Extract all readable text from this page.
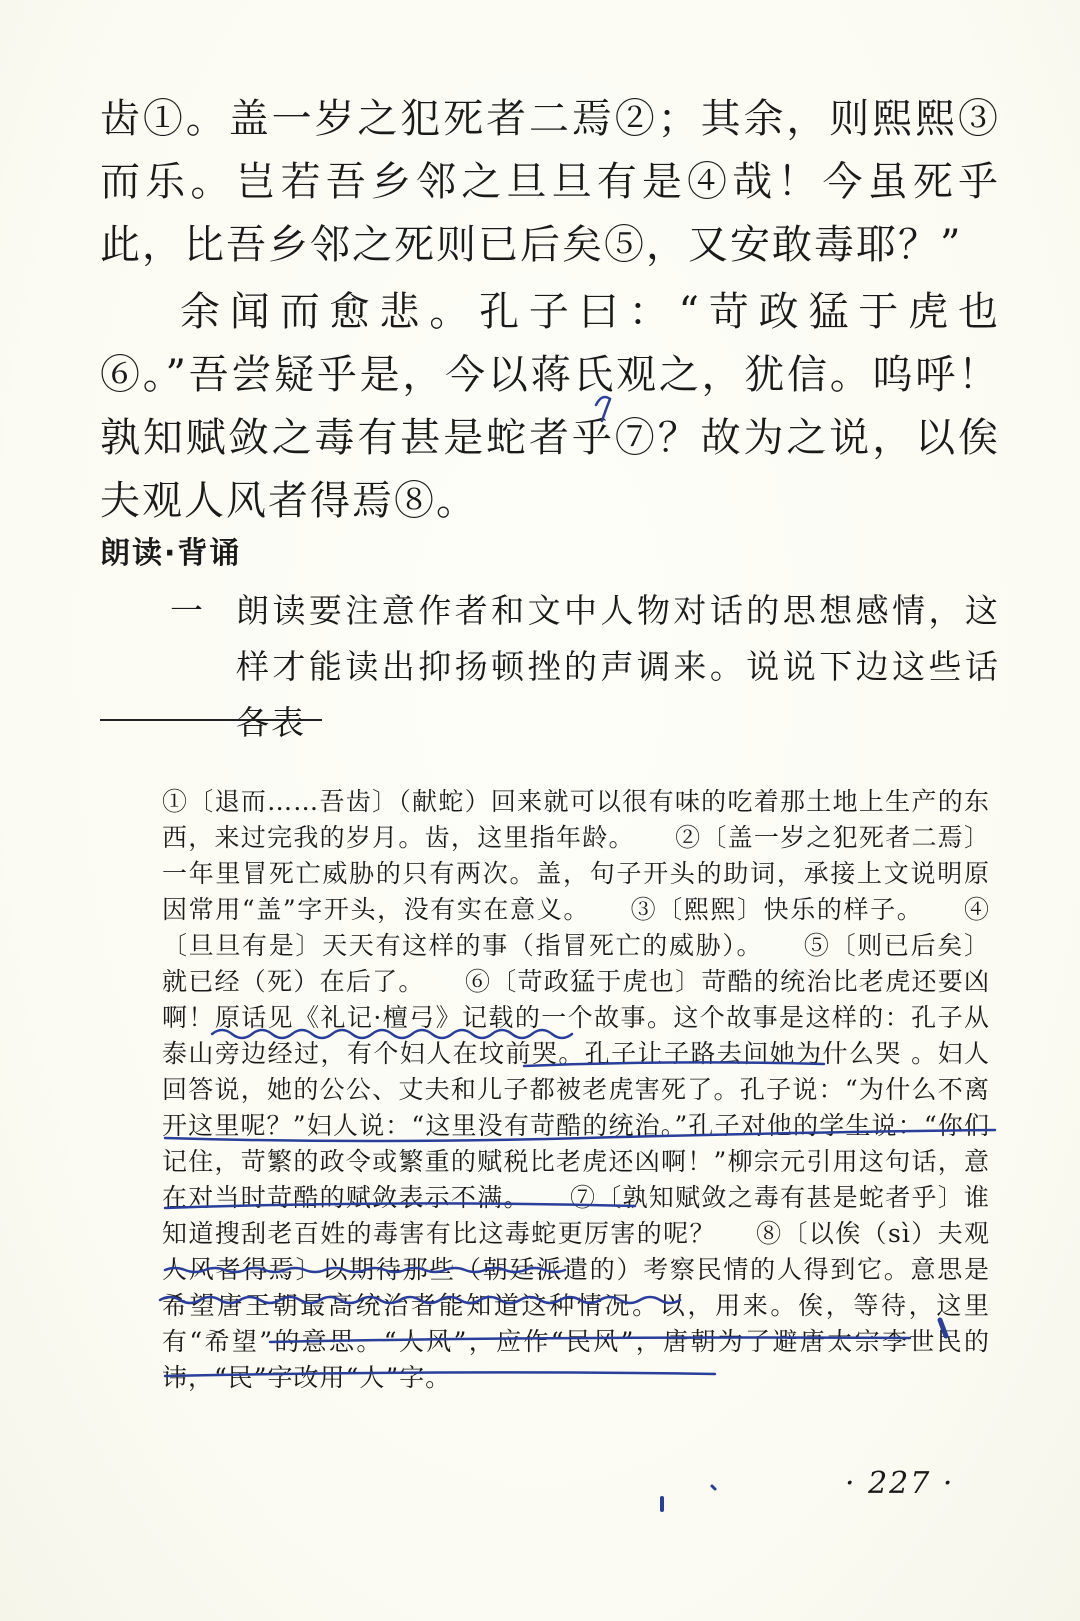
齿①。盖一岁之犯死者二焉②；其余，则熙熙③而乐。岂若吾乡邻之旦旦有是④哉！今虽死乎此，比吾乡邻之死则已后矣⑤，又安敢毒耶？”

余闻而愈悲。孔子曰：“苛政猛于虎也⑥。”吾尝疑乎是，今以蒋氏观之，犹信。呜呼！孰知赋敛之毒有甚是蛇者乎⑦？故为之说，以俟夫观人风者得焉⑧。

朗读·背诵
一 朗读要注意作者和文中人物对话的思想感情，这样才能读出抑扬顿挫的声调来。说说下边这些话各表
①〔退而……吾齿〕（献蛇）回来就可以很有味的吃着那土地上生产的东西，来过完我的岁月。齿，这里指年龄。 ②〔盖一岁之犯死者二焉〕一年里冒死亡威胁的只有两次。盖，句子开头的助词，承接上文说明原因常用“盖”字开头，没有实在意义。 ③〔熙熙〕快乐的样子。 ④〔旦旦有是〕天天有这样的事（指冒死亡的威胁）。 ⑤〔则已后矣〕就已经（死）在后了。 ⑥〔苛政猛于虎也〕苛酷的统治比老虎还要凶啊！原话见《礼记·檀弓》记载的一个故事。这个故事是这样的：孔子从泰山旁边经过，有个妇人在坟前哭。孔子让子路去问她为什么哭 。妇人回答说，她的公公、丈夫和儿子都被老虎害死了。孔子说：“为什么不离开这里呢？”妇人说：“这里没有苛酷的统治。”孔子对他的学生说：“你们记住，苛繁的政令或繁重的赋税比老虎还凶啊！”柳宗元引用这句话，意在对当时苛酷的赋敛表示不满。 ⑦〔孰知赋敛之毒有甚是蛇者乎〕谁知道搜刮老百姓的毒害有比这毒蛇更厉害的呢？ ⑧〔以俟（sì）夫观人风者得焉〕以期待那些（朝廷派遣的）考察民情的人得到它。意思是希望唐王朝最高统治者能知道这种情况。以，用来。俟，等待，这里有“希望”的意思。“人风”，应作“民风”，唐朝为了避唐太宗李世民的讳，“民”字改用“人”字。
· 227 ·
